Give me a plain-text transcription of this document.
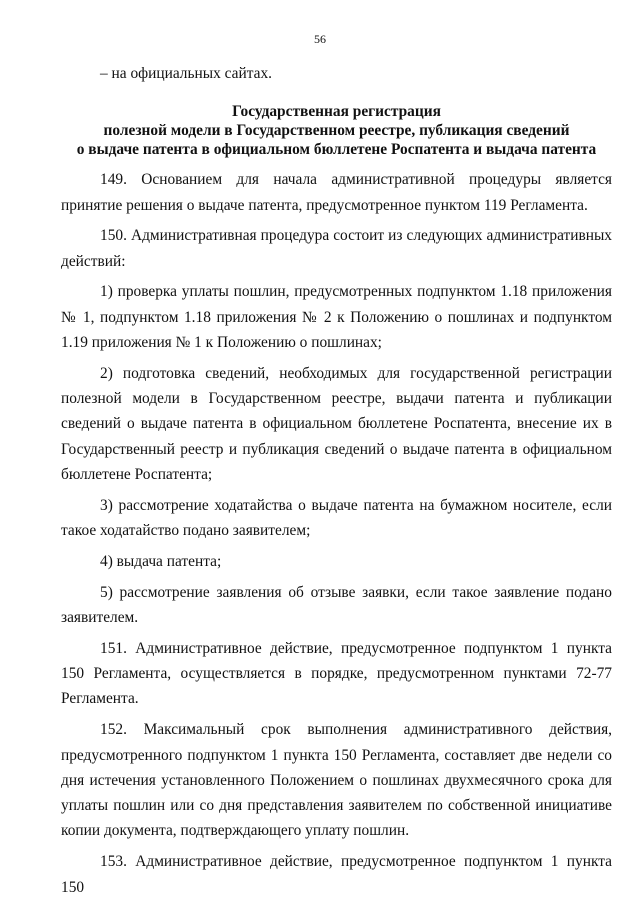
56

– на официальных сайтах.

Государственная регистрация
полезной модели в Государственном реестре, публикация сведений
о выдаче патента в официальном бюллетене Роспатента и выдача патента

149. Основанием для начала административной процедуры является принятие решения о выдаче патента, предусмотренное пунктом 119 Регламента.

150. Административная процедура состоит из следующих административных действий:

1) проверка уплаты пошлин, предусмотренных подпунктом 1.18 приложения № 1, подпунктом 1.18 приложения № 2 к Положению о пошлинах и подпунктом 1.19 приложения № 1 к Положению о пошлинах;

2) подготовка сведений, необходимых для государственной регистрации полезной модели в Государственном реестре, выдачи патента и публикации сведений о выдаче патента в официальном бюллетене Роспатента, внесение их в Государственный реестр и публикация сведений о выдаче патента в официальном бюллетене Роспатента;

3) рассмотрение ходатайства о выдаче патента на бумажном носителе, если такое ходатайство подано заявителем;

4) выдача патента;

5) рассмотрение заявления об отзыве заявки, если такое заявление подано заявителем.

151. Административное действие, предусмотренное подпунктом 1 пункта 150 Регламента, осуществляется в порядке, предусмотренном пунктами 72-77 Регламента.

152. Максимальный срок выполнения административного действия, предусмотренного подпунктом 1 пункта 150 Регламента, составляет две недели со дня истечения установленного Положением о пошлинах двухмесячного срока для уплаты пошлин или со дня представления заявителем по собственной инициативе копии документа, подтверждающего уплату пошлин.

153. Административное действие, предусмотренное подпунктом 1 пункта 150
